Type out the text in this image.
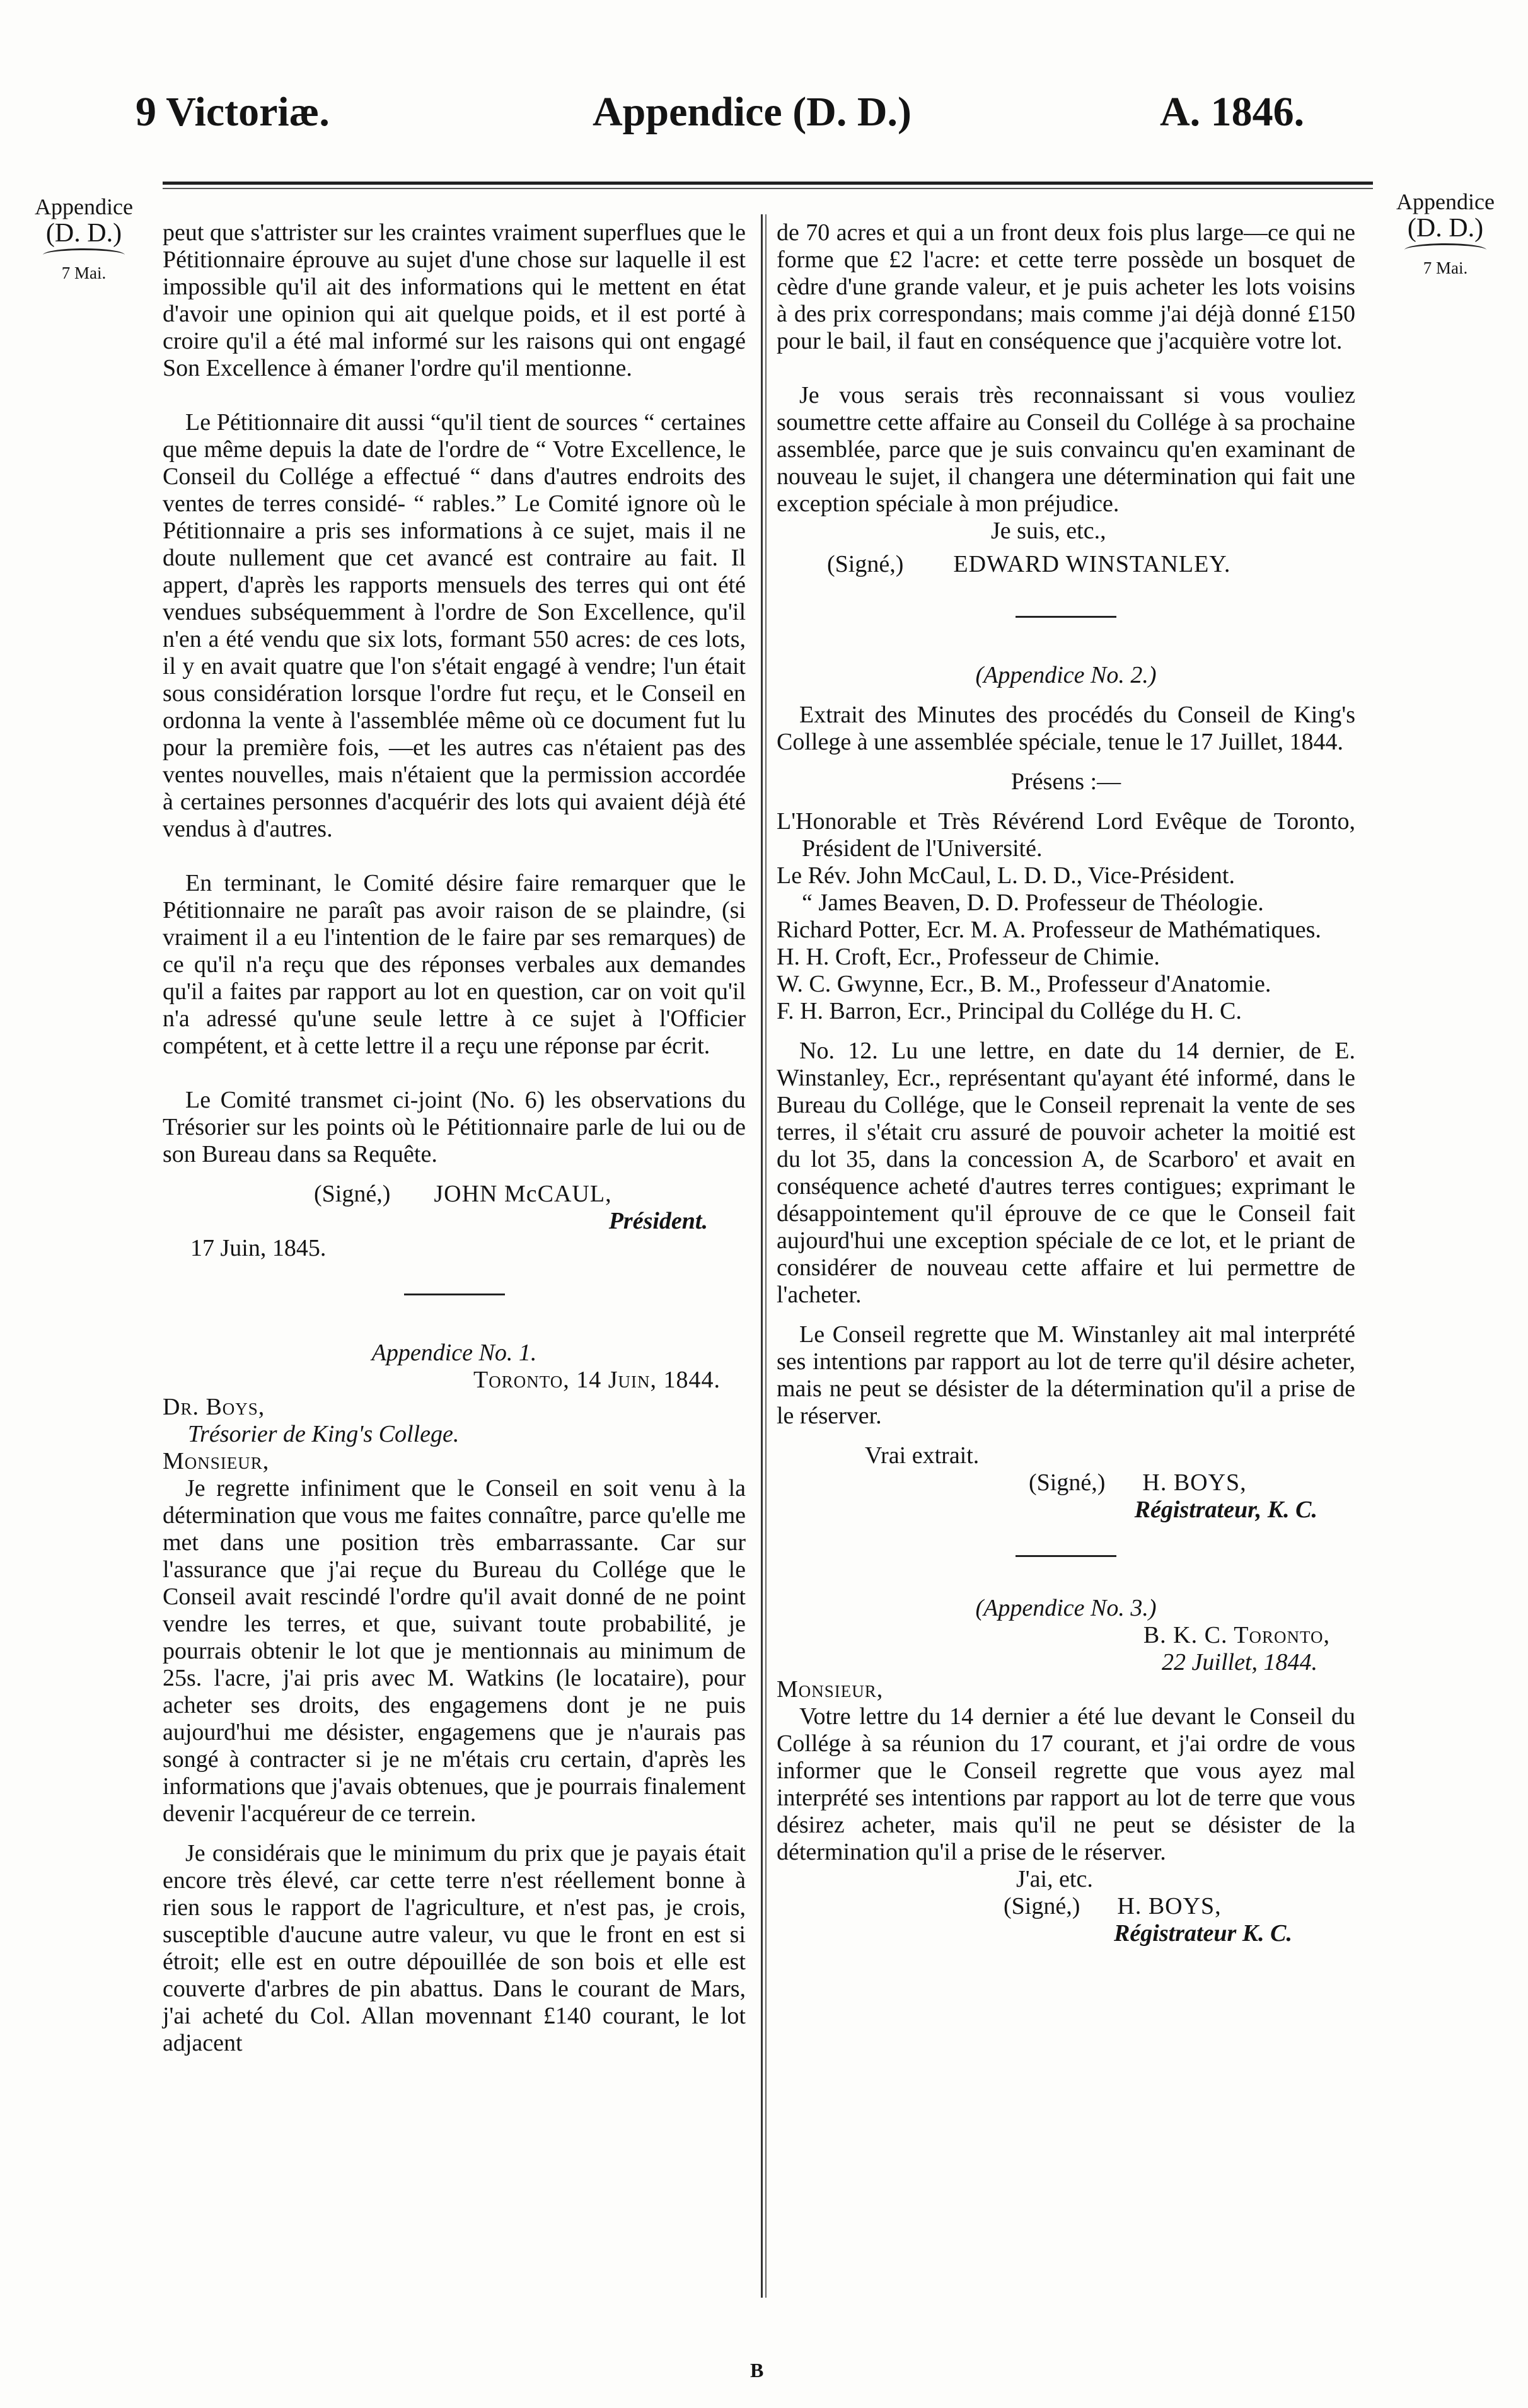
9 Victoriæ.	Appendice (D. D.)	A. 1846.
Appendice
(D. D.)
7 Mai.
Appendice
(D. D.)
7 Mai.

peut que s'attrister sur les craintes vraiment superflues que le Pétitionnaire éprouve au sujet d'une chose sur laquelle il est impossible qu'il ait des informations qui le mettent en état d'avoir une opinion qui ait quelque poids, et il est porté à croire qu'il a été mal informé sur les raisons qui ont engagé Son Excellence à émaner l'ordre qu'il mentionne.

Le Pétitionnaire dit aussi “qu'il tient de sources “ certaines que même depuis la date de l'ordre de “ Votre Excellence, le Conseil du Collége a effectué “ dans d'autres endroits des ventes de terres considé- “ rables.” Le Comité ignore où le Pétitionnaire a pris ses informations à ce sujet, mais il ne doute nullement que cet avancé est contraire au fait. Il appert, d'après les rapports mensuels des terres qui ont été vendues subséquemment à l'ordre de Son Excellence, qu'il n'en a été vendu que six lots, formant 550 acres: de ces lots, il y en avait quatre que l'on s'était engagé à vendre; l'un était sous considération lorsque l'ordre fut reçu, et le Conseil en ordonna la vente à l'assemblée même où ce document fut lu pour la première fois, —et les autres cas n'étaient pas des ventes nouvelles, mais n'étaient que la permission accordée à certaines personnes d'acquérir des lots qui avaient déjà été vendus à d'autres.

En terminant, le Comité désire faire remarquer que le Pétitionnaire ne paraît pas avoir raison de se plaindre, (si vraiment il a eu l'intention de le faire par ses remarques) de ce qu'il n'a reçu que des réponses verbales aux demandes qu'il a faites par rapport au lot en question, car on voit qu'il n'a adressé qu'une seule lettre à ce sujet à l'Officier compétent, et à cette lettre il a reçu une réponse par écrit.

Le Comité transmet ci-joint (No. 6) les observations du Trésorier sur les points où le Pétitionnaire parle de lui ou de son Bureau dans sa Requête.

(Signé,) JOHN McCAUL,
Président.
17 Juin, 1845.
Appendice No. 1.
Toronto, 14 Juin, 1844.
Dr. Boys,
Trésorier de King's College.
Monsieur,

Je regrette infiniment que le Conseil en soit venu à la détermination que vous me faites connaître, parce qu'elle me met dans une position très embarrassante. Car sur l'assurance que j'ai reçue du Bureau du Collége que le Conseil avait rescindé l'ordre qu'il avait donné de ne point vendre les terres, et que, suivant toute probabilité, je pourrais obtenir le lot que je mentionnais au minimum de 25s. l'acre, j'ai pris avec M. Watkins (le locataire), pour acheter ses droits, des engagemens dont je ne puis aujourd'hui me désister, engagemens que je n'aurais pas songé à contracter si je ne m'étais cru certain, d'après les informations que j'avais obtenues, que je pourrais finalement devenir l'acquéreur de ce terrein.

Je considérais que le minimum du prix que je payais était encore très élevé, car cette terre n'est réellement bonne à rien sous le rapport de l'agriculture, et n'est pas, je crois, susceptible d'aucune autre valeur, vu que le front en est si étroit; elle est en outre dépouillée de son bois et elle est couverte d'arbres de pin abattus. Dans le courant de Mars, j'ai acheté du Col. Allan movennant £140 courant, le lot adjacent

de 70 acres et qui a un front deux fois plus large—ce qui ne forme que £2 l'acre: et cette terre possède un bosquet de cèdre d'une grande valeur, et je puis acheter les lots voisins à des prix correspondans; mais comme j'ai déjà donné £150 pour le bail, il faut en conséquence que j'acquière votre lot.

Je vous serais très reconnaissant si vous vouliez soumettre cette affaire au Conseil du Collége à sa prochaine assemblée, parce que je suis convaincu qu'en examinant de nouveau le sujet, il changera une détermination qui fait une exception spéciale à mon préjudice.

Je suis, etc.,
(Signé,) EDWARD WINSTANLEY.
(Appendice No. 2.)

Extrait des Minutes des procédés du Conseil de King's College à une assemblée spéciale, tenue le 17 Juillet, 1844.

Présens :—
L'Honorable et Très Révérend Lord Evêque de Toronto, Président de l'Université.
Le Rév. John McCaul, L. D. D., Vice-Président.
“ James Beaven, D. D. Professeur de Théologie.
Richard Potter, Ecr. M. A. Professeur de Mathématiques.
H. H. Croft, Ecr., Professeur de Chimie.
W. C. Gwynne, Ecr., B. M., Professeur d'Anatomie.
F. H. Barron, Ecr., Principal du Collége du H. C.

No. 12. Lu une lettre, en date du 14 dernier, de E. Winstanley, Ecr., représentant qu'ayant été informé, dans le Bureau du Collége, que le Conseil reprenait la vente de ses terres, il s'était cru assuré de pouvoir acheter la moitié est du lot 35, dans la concession A, de Scarboro' et avait en conséquence acheté d'autres terres contigues; exprimant le désappointement qu'il éprouve de ce que le Conseil fait aujourd'hui une exception spéciale de ce lot, et le priant de considérer de nouveau cette affaire et lui permettre de l'acheter.

Le Conseil regrette que M. Winstanley ait mal interprété ses intentions par rapport au lot de terre qu'il désire acheter, mais ne peut se désister de la détermination qu'il a prise de le réserver.

Vrai extrait.
(Signé,) H. BOYS,
Régistrateur, K. C.
(Appendice No. 3.)
B. K. C. Toronto,
22 Juillet, 1844.
Monsieur,

Votre lettre du 14 dernier a été lue devant le Conseil du Collége à sa réunion du 17 courant, et j'ai ordre de vous informer que le Conseil regrette que vous ayez mal interprété ses intentions par rapport au lot de terre que vous désirez acheter, mais qu'il ne peut se désister de la détermination qu'il a prise de le réserver.

J'ai, etc.
(Signé,) H. BOYS,
Régistrateur K. C.
B
